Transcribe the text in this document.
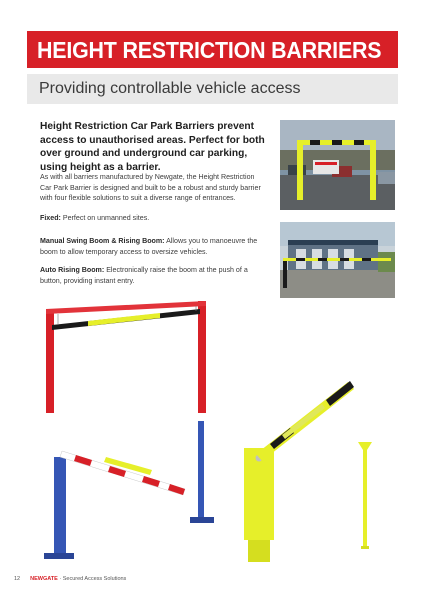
HEIGHT RESTRICTION BARRIERS
Providing controllable vehicle access
Height Restriction Car Park Barriers prevent access to unauthorised areas. Perfect for both over ground and underground car parking, using height as a barrier.
As with all barriers manufactured by Newgate, the Height Restriction Car Park Barrier is designed and built to be a robust and sturdy barrier with four flexible solutions to suit a diverse range of entrances.
Fixed: Perfect on unmanned sites.
Manual Swing Boom & Rising Boom: Allows you to manoeuvre the boom to allow temporary access to oversize vehicles.
Auto Rising Boom: Electronically raise the boom at the push of a button, providing instant entry.
12 NEWGATE · Secured Access Solutions
